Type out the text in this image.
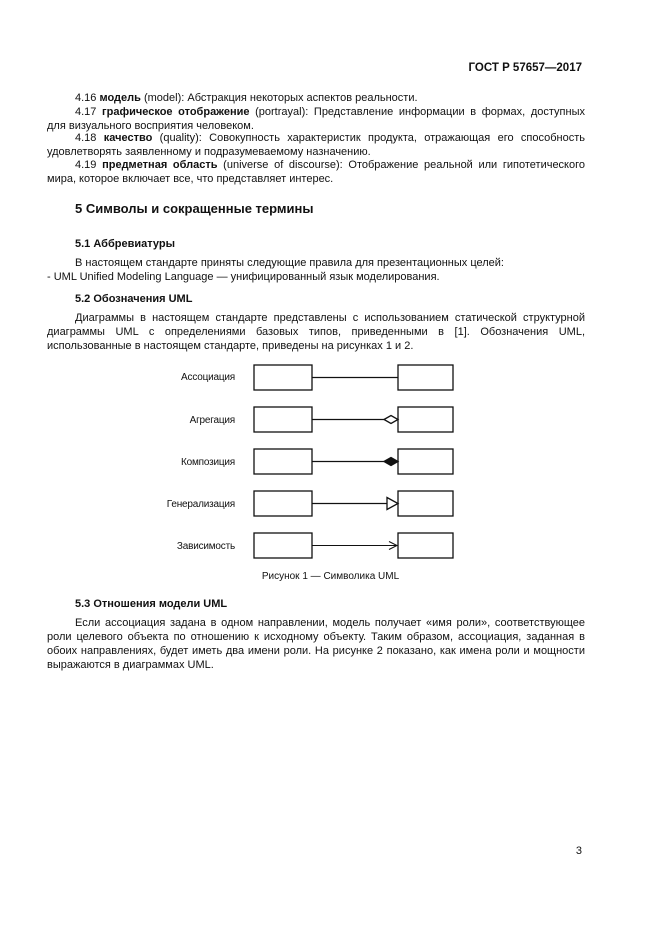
ГОСТ Р 57657—2017
4.16 модель (model): Абстракция некоторых аспектов реальности.
4.17 графическое отображение (portrayal): Представление информации в формах, доступных для визуального восприятия человеком.
4.18 качество (quality): Совокупность характеристик продукта, отражающая его способность удовлетворять заявленному и подразумеваемому назначению.
4.19 предметная область (universe of discourse): Отображение реальной или гипотетического мира, которое включает все, что представляет интерес.
5 Символы и сокращенные термины
5.1 Аббревиатуры
В настоящем стандарте приняты следующие правила для презентационных целей:
- UML Unified Modeling Language — унифицированный язык моделирования.
5.2 Обозначения UML
Диаграммы в настоящем стандарте представлены с использованием статической структурной диаграммы UML с определениями базовых типов, приведенными в [1]. Обозначения UML, использованные в настоящем стандарте, приведены на рисунках 1 и 2.
Ассоциация
Агрегация
Композиция
Генерализация
Зависимость
Рисунок 1 — Символика UML
5.3 Отношения модели UML
Если ассоциация задана в одном направлении, модель получает «имя роли», соответствующее роли целевого объекта по отношению к исходному объекту. Таким образом, ассоциация, заданная в обоих направлениях, будет иметь два имени роли. На рисунке 2 показано, как имена роли и мощности выражаются в диаграммах UML.
3
